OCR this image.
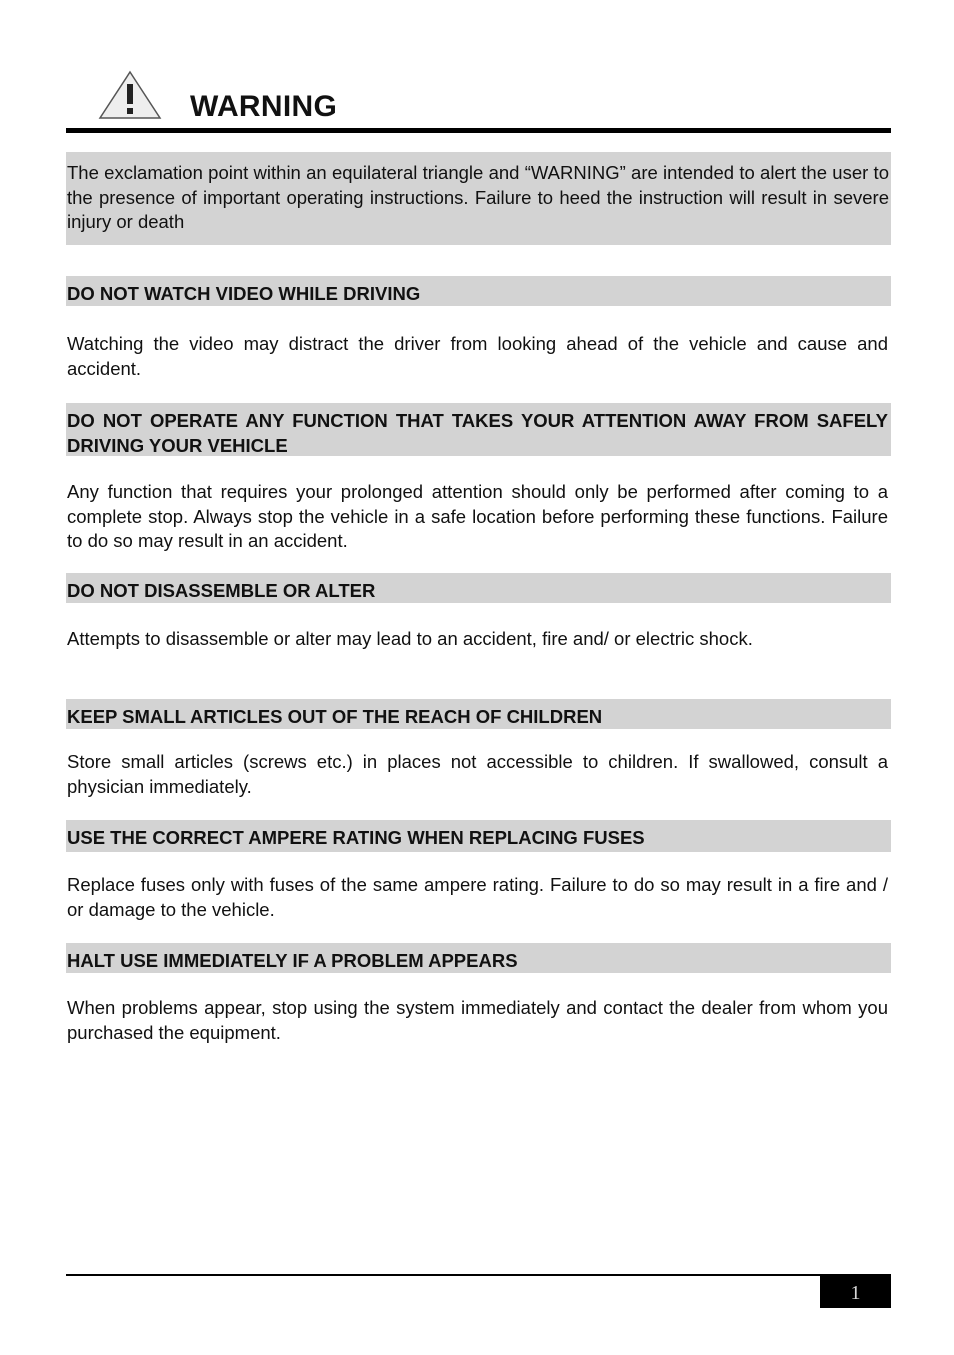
WARNING
The exclamation point within an equilateral triangle and “WARNING” are intended to alert the user to the presence of important operating instructions. Failure to heed the instruction will result in severe injury or death
DO NOT WATCH VIDEO WHILE DRIVING
Watching the video may distract the driver from looking ahead of the vehicle and cause and accident.
DO NOT OPERATE ANY FUNCTION THAT TAKES YOUR ATTENTION AWAY FROM SAFELY DRIVING YOUR VEHICLE
Any function that requires your prolonged attention should only be performed after coming to a complete stop. Always stop the vehicle in a safe location before performing these functions. Failure to do so may result in an accident.
DO NOT DISASSEMBLE OR ALTER
Attempts to disassemble or alter may lead to an accident, fire and/ or electric shock.
KEEP SMALL ARTICLES OUT OF THE REACH OF CHILDREN
Store small articles (screws etc.) in places not accessible to children. If swallowed, consult a physician immediately.
USE THE CORRECT AMPERE RATING WHEN REPLACING FUSES
Replace fuses only with fuses of the same ampere rating. Failure to do so may result in a fire and / or damage to the vehicle.
HALT USE IMMEDIATELY IF A PROBLEM APPEARS
When problems appear, stop using the system immediately and contact the dealer from whom you purchased the equipment.
1
